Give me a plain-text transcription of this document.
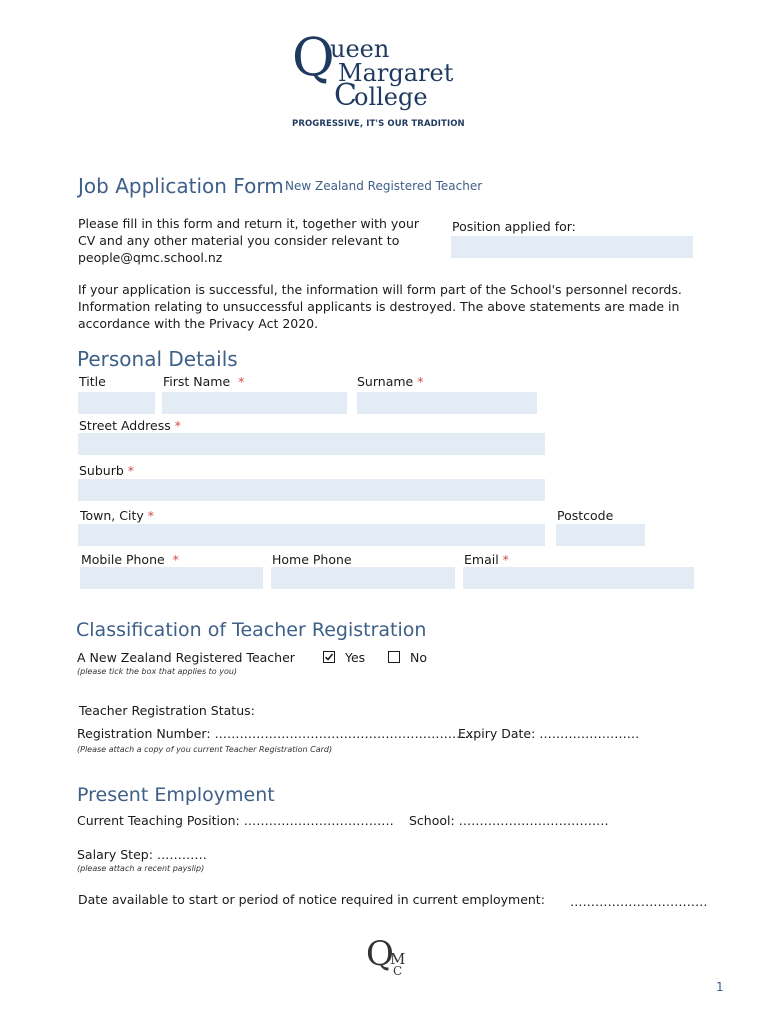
Q
ueen
Margaret
C
ollege
PROGRESSIVE, IT'S OUR TRADITION
Job Application Form New Zealand Registered Teacher
Please fill in this form and return it, together with your
CV and any other material you consider relevant to
people@qmc.school.nz
Position applied for:
If your application is successful, the information will form part of the School's personnel records.
Information relating to unsuccessful applicants is destroyed. The above statements are made in
accordance with the Privacy Act 2020.
Personal Details
Title	First Name *	Surname *
Street Address *
Suburb *
Town, City *	Postcode
Mobile Phone *	Home Phone	Email *
Classification of Teacher Registration
A New Zealand Registered Teacher
(please tick the box that applies to you)
Yes	No
Teacher Registration Status:
Registration Number: ………………………………………………………
Expiry Date: ……………………
(Please attach a copy of you current Teacher Registration Card)
Present Employment
Current Teaching Position: ……………………………… School: ………………………………
Salary Step: …………
(please attach a recent payslip)
Date available to start or period of notice required in current employment: ……………………………
Q
M
C
1
